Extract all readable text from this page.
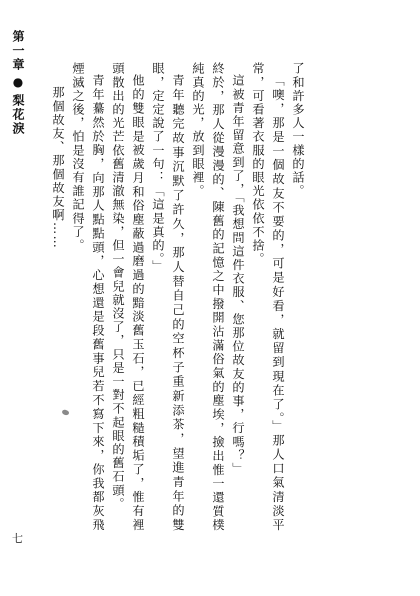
第一章●梨花淚	了和許多人一樣的話。

「噢，那是一個故友不要的，可是好看，就留到現在了。」那人口氣清淡平常，可看著衣服的眼光依依不捨。

這被青年留意到了，「我想問這件衣服、您那位故友的事，行嗎？」

終於，那人從漫漫的、陳舊的記憶之中撥開沾滿俗氣的塵埃，撿出惟一還質樸純真的光，放到眼裡。

青年聽完故事沉默了許久，那人替自己的空杯子重新添茶，望進青年的雙眼，定定說了一句：「這是真的。」

他的雙眼是被歲月和俗塵蔽過磨過的黯淡舊玉石，已經粗糙積垢了，惟有裡頭散出的光芒依舊清澈無染，但一會兒就沒了，只是一對不起眼的舊石頭。

青年驀然於胸，向那人點點頭，心想還是段舊事兒若不寫下來，你我都灰飛煙滅之後，怕是沒有誰記得了。

那個故友、那個故友啊……

七
